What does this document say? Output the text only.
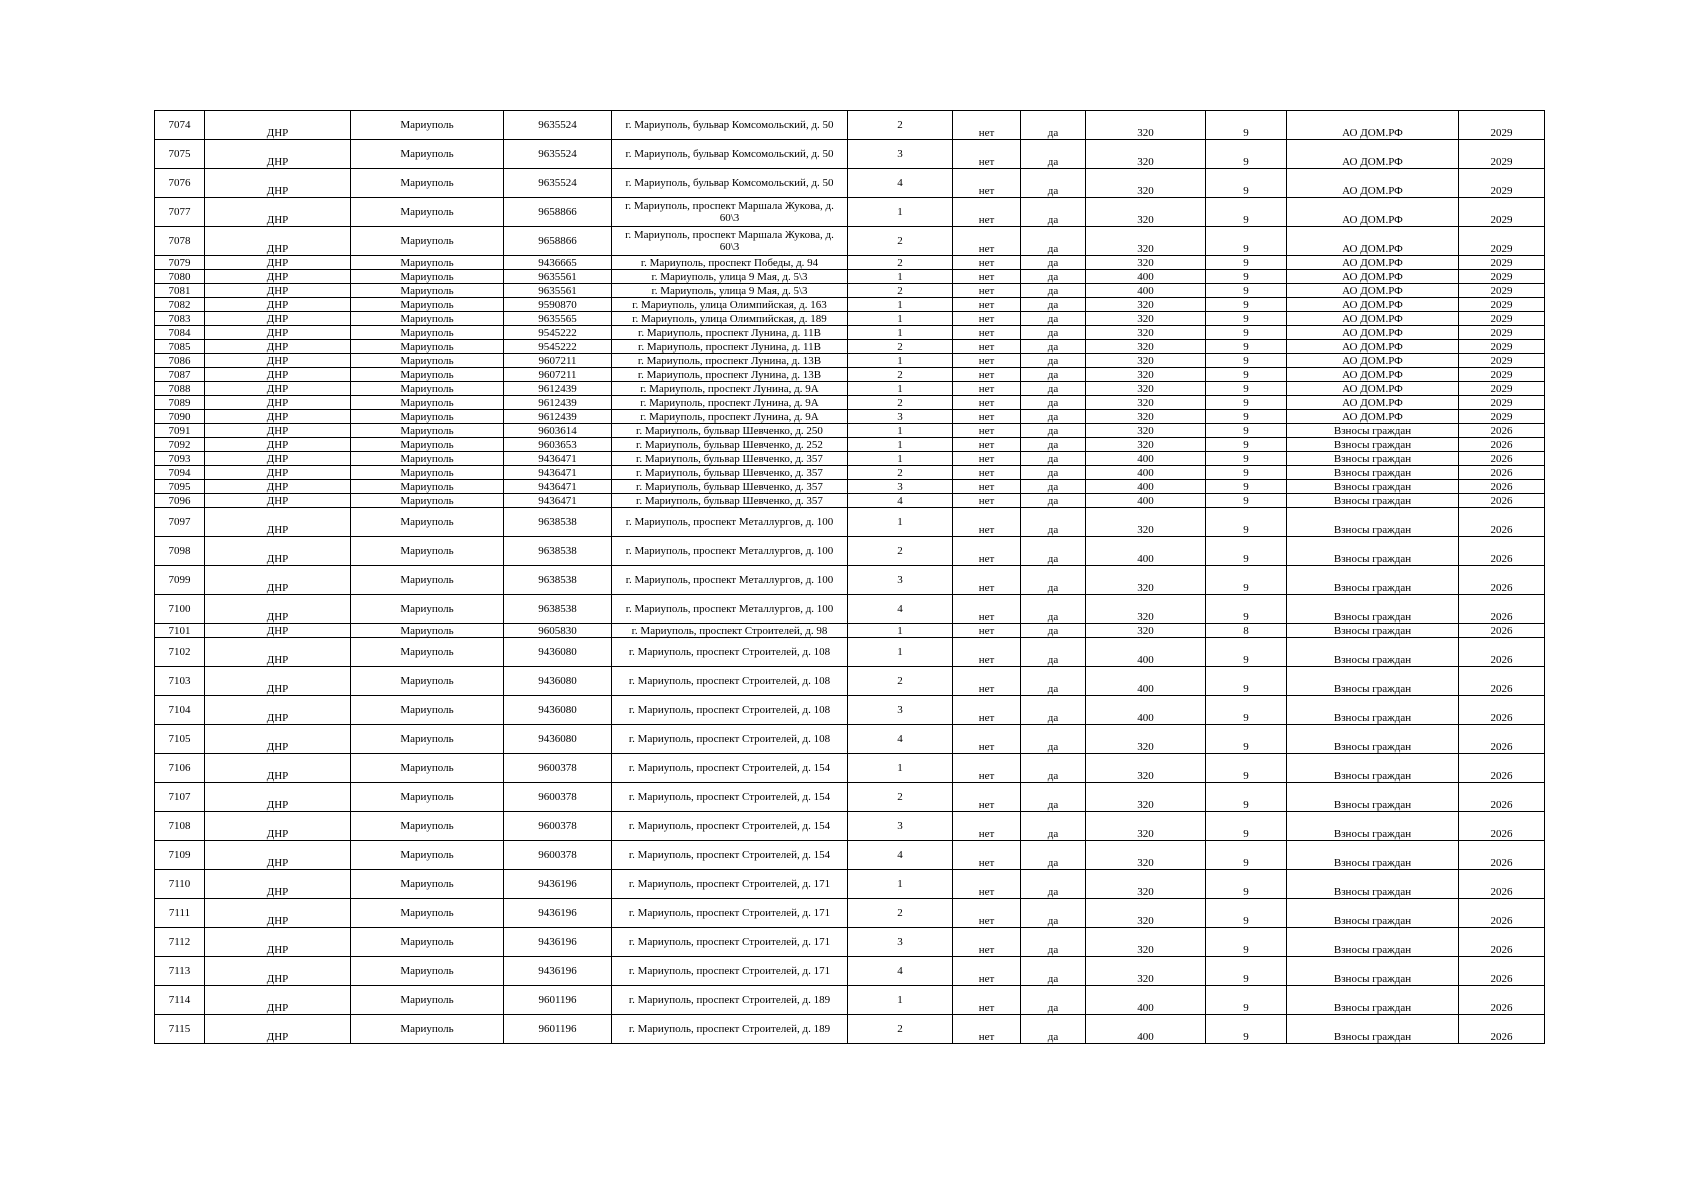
7074	ДНР	Мариуполь	9635524	г. Мариуполь, бульвар Комсомольский, д. 50	2	нет	да	320	9	АО ДОМ.РФ	2029
7075	ДНР	Мариуполь	9635524	г. Мариуполь, бульвар Комсомольский, д. 50	3	нет	да	320	9	АО ДОМ.РФ	2029
7076	ДНР	Мариуполь	9635524	г. Мариуполь, бульвар Комсомольский, д. 50	4	нет	да	320	9	АО ДОМ.РФ	2029
7077	ДНР	Мариуполь	9658866	г. Мариуполь, проспект Маршала Жукова, д. 60\3	1	нет	да	320	9	АО ДОМ.РФ	2029
7078	ДНР	Мариуполь	9658866	г. Мариуполь, проспект Маршала Жукова, д. 60\3	2	нет	да	320	9	АО ДОМ.РФ	2029
7079	ДНР	Мариуполь	9436665	г. Мариуполь, проспект Победы, д. 94	2	нет	да	320	9	АО ДОМ.РФ	2029
7080	ДНР	Мариуполь	9635561	г. Мариуполь, улица 9 Мая, д. 5\3	1	нет	да	400	9	АО ДОМ.РФ	2029
7081	ДНР	Мариуполь	9635561	г. Мариуполь, улица 9 Мая, д. 5\3	2	нет	да	400	9	АО ДОМ.РФ	2029
7082	ДНР	Мариуполь	9590870	г. Мариуполь, улица Олимпийская, д. 163	1	нет	да	320	9	АО ДОМ.РФ	2029
7083	ДНР	Мариуполь	9635565	г. Мариуполь, улица Олимпийская, д. 189	1	нет	да	320	9	АО ДОМ.РФ	2029
7084	ДНР	Мариуполь	9545222	г. Мариуполь, проспект Лунина, д. 11В	1	нет	да	320	9	АО ДОМ.РФ	2029
7085	ДНР	Мариуполь	9545222	г. Мариуполь, проспект Лунина, д. 11В	2	нет	да	320	9	АО ДОМ.РФ	2029
7086	ДНР	Мариуполь	9607211	г. Мариуполь, проспект Лунина, д. 13В	1	нет	да	320	9	АО ДОМ.РФ	2029
7087	ДНР	Мариуполь	9607211	г. Мариуполь, проспект Лунина, д. 13В	2	нет	да	320	9	АО ДОМ.РФ	2029
7088	ДНР	Мариуполь	9612439	г. Мариуполь, проспект Лунина, д. 9А	1	нет	да	320	9	АО ДОМ.РФ	2029
7089	ДНР	Мариуполь	9612439	г. Мариуполь, проспект Лунина, д. 9А	2	нет	да	320	9	АО ДОМ.РФ	2029
7090	ДНР	Мариуполь	9612439	г. Мариуполь, проспект Лунина, д. 9А	3	нет	да	320	9	АО ДОМ.РФ	2029
7091	ДНР	Мариуполь	9603614	г. Мариуполь, бульвар Шевченко, д. 250	1	нет	да	320	9	Взносы граждан	2026
7092	ДНР	Мариуполь	9603653	г. Мариуполь, бульвар Шевченко, д. 252	1	нет	да	320	9	Взносы граждан	2026
7093	ДНР	Мариуполь	9436471	г. Мариуполь, бульвар Шевченко, д. 357	1	нет	да	400	9	Взносы граждан	2026
7094	ДНР	Мариуполь	9436471	г. Мариуполь, бульвар Шевченко, д. 357	2	нет	да	400	9	Взносы граждан	2026
7095	ДНР	Мариуполь	9436471	г. Мариуполь, бульвар Шевченко, д. 357	3	нет	да	400	9	Взносы граждан	2026
7096	ДНР	Мариуполь	9436471	г. Мариуполь, бульвар Шевченко, д. 357	4	нет	да	400	9	Взносы граждан	2026
7097	ДНР	Мариуполь	9638538	г. Мариуполь, проспект Металлургов, д. 100	1	нет	да	320	9	Взносы граждан	2026
7098	ДНР	Мариуполь	9638538	г. Мариуполь, проспект Металлургов, д. 100	2	нет	да	400	9	Взносы граждан	2026
7099	ДНР	Мариуполь	9638538	г. Мариуполь, проспект Металлургов, д. 100	3	нет	да	320	9	Взносы граждан	2026
7100	ДНР	Мариуполь	9638538	г. Мариуполь, проспект Металлургов, д. 100	4	нет	да	320	9	Взносы граждан	2026
7101	ДНР	Мариуполь	9605830	г. Мариуполь, проспект Строителей, д. 98	1	нет	да	320	8	Взносы граждан	2026
7102	ДНР	Мариуполь	9436080	г. Мариуполь, проспект Строителей, д. 108	1	нет	да	400	9	Взносы граждан	2026
7103	ДНР	Мариуполь	9436080	г. Мариуполь, проспект Строителей, д. 108	2	нет	да	400	9	Взносы граждан	2026
7104	ДНР	Мариуполь	9436080	г. Мариуполь, проспект Строителей, д. 108	3	нет	да	400	9	Взносы граждан	2026
7105	ДНР	Мариуполь	9436080	г. Мариуполь, проспект Строителей, д. 108	4	нет	да	320	9	Взносы граждан	2026
7106	ДНР	Мариуполь	9600378	г. Мариуполь, проспект Строителей, д. 154	1	нет	да	320	9	Взносы граждан	2026
7107	ДНР	Мариуполь	9600378	г. Мариуполь, проспект Строителей, д. 154	2	нет	да	320	9	Взносы граждан	2026
7108	ДНР	Мариуполь	9600378	г. Мариуполь, проспект Строителей, д. 154	3	нет	да	320	9	Взносы граждан	2026
7109	ДНР	Мариуполь	9600378	г. Мариуполь, проспект Строителей, д. 154	4	нет	да	320	9	Взносы граждан	2026
7110	ДНР	Мариуполь	9436196	г. Мариуполь, проспект Строителей, д. 171	1	нет	да	320	9	Взносы граждан	2026
7111	ДНР	Мариуполь	9436196	г. Мариуполь, проспект Строителей, д. 171	2	нет	да	320	9	Взносы граждан	2026
7112	ДНР	Мариуполь	9436196	г. Мариуполь, проспект Строителей, д. 171	3	нет	да	320	9	Взносы граждан	2026
7113	ДНР	Мариуполь	9436196	г. Мариуполь, проспект Строителей, д. 171	4	нет	да	320	9	Взносы граждан	2026
7114	ДНР	Мариуполь	9601196	г. Мариуполь, проспект Строителей, д. 189	1	нет	да	400	9	Взносы граждан	2026
7115	ДНР	Мариуполь	9601196	г. Мариуполь, проспект Строителей, д. 189	2	нет	да	400	9	Взносы граждан	2026
